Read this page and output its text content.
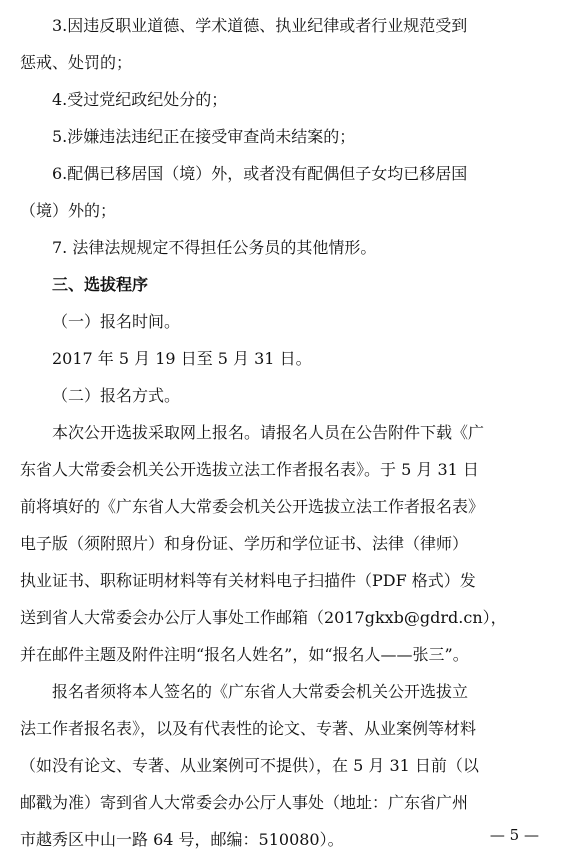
3.因违反职业道德、学术道德、执业纪律或者行业规范受到
惩戒、处罚的；
4.受过党纪政纪处分的；
5.涉嫌违法违纪正在接受审查尚未结案的；
6.配偶已移居国（境）外，或者没有配偶但子女均已移居国
（境）外的；
7. 法律法规规定不得担任公务员的其他情形。
三、选拔程序
（一）报名时间。
2017 年 5 月 19 日至 5 月 31 日。
（二）报名方式。
本次公开选拔采取网上报名。请报名人员在公告附件下载《广
东省人大常委会机关公开选拔立法工作者报名表》。于 5 月 31 日
前将填好的《广东省人大常委会机关公开选拔立法工作者报名表》
电子版（须附照片）和身份证、学历和学位证书、法律（律师）
执业证书、职称证明材料等有关材料电子扫描件（PDF 格式）发
送到省人大常委会办公厅人事处工作邮箱（2017gkxb@gdrd.cn），
并在邮件主题及附件注明“报名人姓名”，如“报名人——张三”。
报名者须将本人签名的《广东省人大常委会机关公开选拔立
法工作者报名表》，以及有代表性的论文、专著、从业案例等材料
（如没有论文、专著、从业案例可不提供），在 5 月 31 日前（以
邮戳为准）寄到省人大常委会办公厅人事处（地址：广东省广州
市越秀区中山一路 64 号，邮编：510080）。	— 5 —
